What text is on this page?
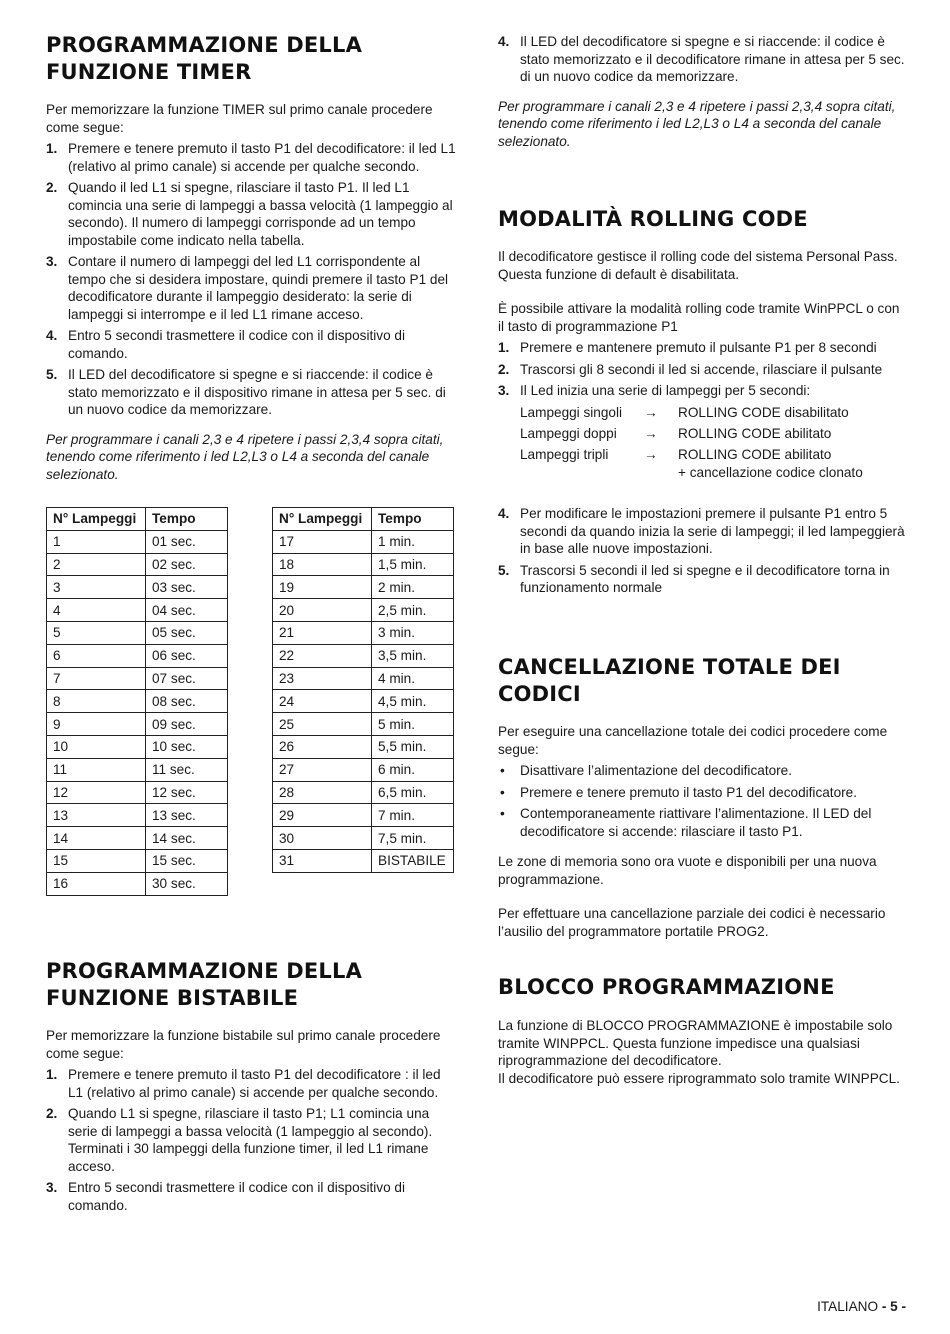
PROGRAMMAZIONE DELLA FUNZIONE TIMER

Per memorizzare la funzione TIMER sul primo canale procedere come segue:

1. Premere e tenere premuto il tasto P1 del decodificatore: il led L1 (relativo al primo canale) si accende per qualche secondo.
2. Quando il led L1 si spegne, rilasciare il tasto P1. Il led L1 comincia una serie di lampeggi a bassa velocità (1 lampeggio al secondo). Il numero di lampeggi corrisponde ad un tempo impostabile come indicato nella tabella.
3. Contare il numero di lampeggi del led L1 corrispondente al tempo che si desidera impostare, quindi premere il tasto P1 del decodificatore durante il lampeggio desiderato: la serie di lampeggi si interrompe e il led L1 rimane acceso.
4. Entro 5 secondi trasmettere il codice con il dispositivo di comando.
5. Il LED del decodificatore si spegne e si riaccende: il codice è stato memorizzato e il dispositivo rimane in attesa per 5 sec. di un nuovo codice da memorizzare.

Per programmare i canali 2,3 e 4 ripetere i passi 2,3,4 sopra citati, tenendo come riferimento i led L2,L3 o L4 a seconda del canale selezionato.

N° Lampeggi	Tempo
1	01 sec.
2	02 sec.
3	03 sec.
4	04 sec.
5	05 sec.
6	06 sec.
7	07 sec.
8	08 sec.
9	09 sec.
10	10 sec.
11	11 sec.
12	12 sec.
13	13 sec.
14	14 sec.
15	15 sec.
16	30 sec.
N° Lampeggi	Tempo
17	1 min.
18	1,5 min.
19	2 min.
20	2,5 min.
21	3 min.
22	3,5 min.
23	4 min.
24	4,5 min.
25	5 min.
26	5,5 min.
27	6 min.
28	6,5 min.
29	7 min.
30	7,5 min.
31	BISTABILE
PROGRAMMAZIONE DELLA FUNZIONE BISTABILE

Per memorizzare la funzione bistabile sul primo canale procedere come segue:

1. Premere e tenere premuto il tasto P1 del decodificatore : il led L1 (relativo al primo canale) si accende per qualche secondo.
2. Quando L1 si spegne, rilasciare il tasto P1; L1 comincia una serie di lampeggi a bassa velocità (1 lampeggio al secondo). Terminati i 30 lampeggi della funzione timer, il led L1 rimane acceso.
3. Entro 5 secondi trasmettere il codice con il dispositivo di comando.
4. Il LED del decodificatore si spegne e si riaccende: il codice è stato memorizzato e il decodificatore rimane in attesa per 5 sec. di un nuovo codice da memorizzare.

Per programmare i canali 2,3 e 4 ripetere i passi 2,3,4 sopra citati, tenendo come riferimento i led L2,L3 o L4 a seconda del canale selezionato.

MODALITÀ ROLLING CODE

Il decodificatore gestisce il rolling code del sistema Personal Pass. Questa funzione di default è disabilitata.

È possibile attivare la modalità rolling code tramite WinPPCL o con il tasto di programmazione P1

1. Premere e mantenere premuto il pulsante P1 per 8 secondi
2. Trascorsi gli 8 secondi il led si accende, rilasciare il pulsante
3. Il Led inizia una serie di lampeggi per 5 secondi:
Lampeggi singoli → ROLLING CODE disabilitato
Lampeggi doppi → ROLLING CODE abilitato
Lampeggi tripli	→ ROLLING CODE abilitato
+ cancellazione codice clonato
4. Per modificare le impostazioni premere il pulsante P1 entro 5 secondi da quando inizia la serie di lampeggi; il led lampeggierà in base alle nuove impostazioni.
5. Trascorsi 5 secondi il led si spegne e il decodificatore torna in funzionamento normale
CANCELLAZIONE TOTALE DEI CODICI

Per eseguire una cancellazione totale dei codici procedere come segue:

• Disattivare l’alimentazione del decodificatore.
• Premere e tenere premuto il tasto P1 del decodificatore.
• Contemporaneamente riattivare l’alimentazione. Il LED del decodificatore si accende: rilasciare il tasto P1.

Le zone di memoria sono ora vuote e disponibili per una nuova programmazione.

Per effettuare una cancellazione parziale dei codici è necessario l’ausilio del programmatore portatile PROG2.

BLOCCO PROGRAMMAZIONE

La funzione di BLOCCO PROGRAMMAZIONE è impostabile solo tramite WINPPCL. Questa funzione impedisce una qualsiasi riprogrammazione del decodificatore.

Il decodificatore può essere riprogrammato solo tramite WINPPCL.

ITALIANO - 5 -
